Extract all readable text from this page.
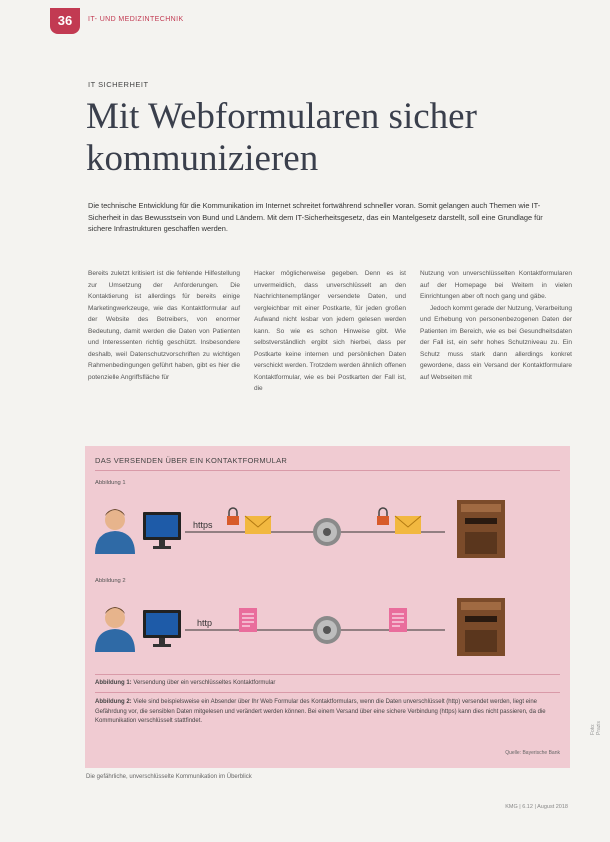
36	IT- UND MEDIZINTECHNIK
IT SICHERHEIT
Mit Webformularen sicher kommunizieren
Die technische Entwicklung für die Kommunikation im Internet schreitet fortwährend schneller voran. Somit gelangen auch Themen wie IT-Sicherheit in das Bewusstsein von Bund und Ländern. Mit dem IT-Sicherheitsgesetz, das ein Mantelgesetz darstellt, soll eine Grundlage für sichere Infrastrukturen geschaffen werden.

Bereits zuletzt kritisiert ist die fehlende Hilfestellung zur Umsetzung der Anforderungen. Die Kontaktierung ist allerdings für bereits einige Marketingwerkzeuge, wie das Kontaktformular auf der Website des Betreibers, von enormer Bedeutung, damit werden die Daten von Patienten und Interessenten richtig geschützt. Insbesondere deshalb, weil Datenschutzvorschriften zu wichtigen Rahmenbedingungen geführt haben, gibt es hier die potenzielle Angriffsfläche für

Hacker möglicherweise gegeben. Denn es ist unvermeidlich, dass unverschlüsselt an den Nachrichtenempfänger versendete Daten, und vergleichbar mit einer Postkarte, für jeden großen Aufwand nicht lesbar von jedem gelesen werden kann. So wie es schon Hinweise gibt. Wie selbstverständlich ergibt sich hierbei, dass per Postkarte keine internen und persönlichen Daten verschickt werden. Trotzdem werden ähnlich offenen Kontaktformular, wie es bei Postkarten der Fall ist, die

Nutzung von unverschlüsselten Kontaktformularen auf der Homepage bei Weitem in vielen Einrichtungen aber oft noch gang und gäbe.

Jedoch kommt gerade der Nutzung, Verarbeitung und Erhebung von personenbezogenen Daten der Patienten im Bereich, wie es bei Gesundheitsdaten der Fall ist, ein sehr hohes Schutzniveau zu. Ein Schutz muss stark dann allerdings konkret gewordene, dass ein Versand der Kontaktformulare auf Webseiten mit

DAS VERSENDEN ÜBER EIN KONTAKTFORMULAR
Abbildung 1
https
Abbildung 2
http
Abbildung 1: Versendung über ein verschlüsseltes Kontaktformular
Abbildung 2: Viele sind beispielsweise ein Absender über Ihr Web Formular des Kontaktformulars, wenn die Daten unverschlüsselt (http) versendet werden, liegt eine Gefährdung vor, die sensiblen Daten mitgelesen und verändert werden können. Bei einem Versand über eine sichere Verbindung (https) kann dies nicht passieren, da die Kommunikation verschlüsselt stattfindet.
Quelle: Bayerische Bank
Die gefährliche, unverschlüsselte Kommunikation im Überblick
KMG | 6.12 | August 2018
Foto: Prazis
